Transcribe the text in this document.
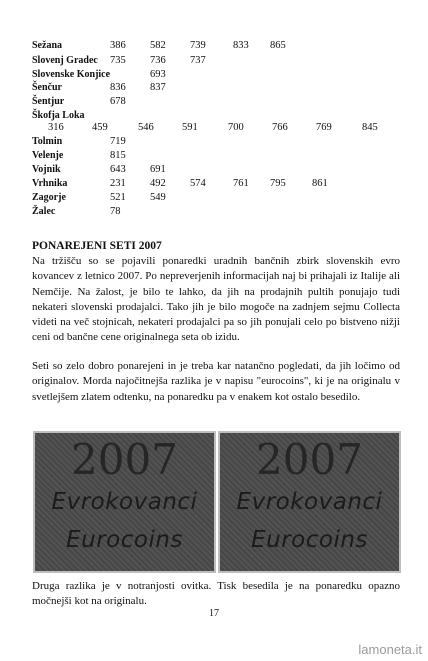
Sežana	386 582 739	833 865
Slovenj Gradec 735 736 737
Slovenske Konjice	693
Šenčur	836 837
Šentjur	678
Škofja Loka
316	459	546	591	700	766	769	845
Tolmin	719
Velenje	815
Vojnik	643 691
Vrhnika	231 492 574	761 795	861
Zagorje	521 549
Žalec	78
PONAREJENI SETI 2007
Na tržišču so se pojavili ponaredki uradnih bančnih zbirk slovenskih evro kovancev z letnico 2007. Po nepreverjenih informacijah naj bi prihajali iz Italije ali Nemčije. Na žalost, je bilo te lahko, da jih na prodajnih pultih ponujajo tudi nekateri slovenski prodajalci. Tako jih je bilo mogoče na zadnjem sejmu Collecta videti na več stojnicah, nekateri prodajalci pa so jih ponujali celo po bistveno nižji ceni od bančne cene originalnega seta ob izidu.
Seti so zelo dobro ponarejeni in je treba kar natančno pogledati, da jih ločimo od originalov. Morda najočitnejša razlika je v napisu "eurocoins", ki je na originalu v svetlejšem zlatem odtenku, na ponaredku pa v enakem kot ostalo besedilo.
2007
Evrokovanci
Eurocoins
2007
Evrokovanci
Eurocoins
Druga razlika je v notranjosti ovitka. Tisk besedila je na ponaredku opazno močnejši kot na originalu.
17
lamoneta.it
